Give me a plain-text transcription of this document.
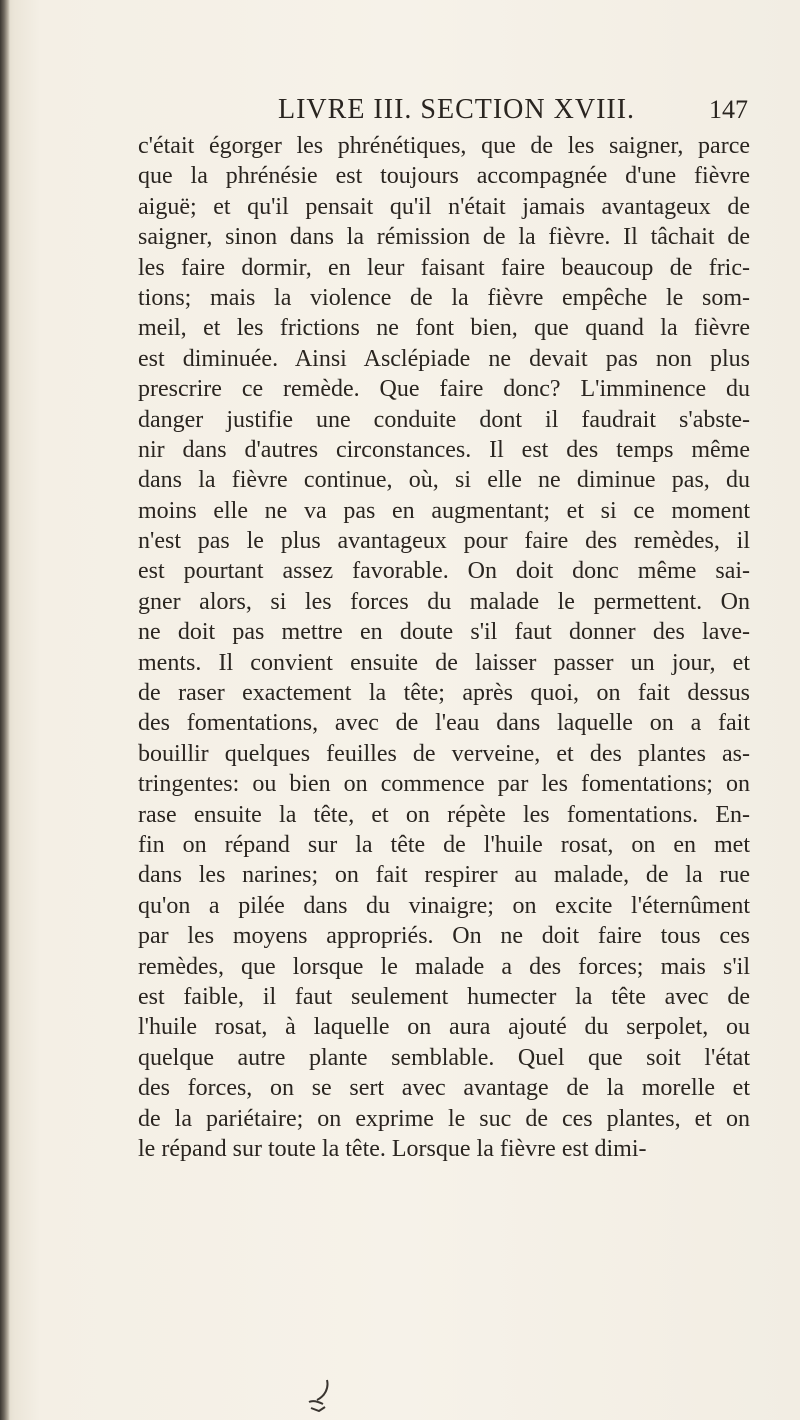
LIVRE III. SECTION XVIII.	147
c'était égorger les phrénétiques, que de les saigner, parce
que la phrénésie est toujours accompagnée d'une fièvre
aiguë; et qu'il pensait qu'il n'était jamais avantageux de
saigner, sinon dans la rémission de la fièvre. Il tâchait de
les faire dormir, en leur faisant faire beaucoup de fric-
tions; mais la violence de la fièvre empêche le som-
meil, et les frictions ne font bien, que quand la fièvre
est diminuée. Ainsi Asclépiade ne devait pas non plus
prescrire ce remède. Que faire donc? L'imminence du
danger justifie une conduite dont il faudrait s'abste-
nir dans d'autres circonstances. Il est des temps même
dans la fièvre continue, où, si elle ne diminue pas, du
moins elle ne va pas en augmentant; et si ce moment
n'est pas le plus avantageux pour faire des remèdes, il
est pourtant assez favorable. On doit donc même sai-
gner alors, si les forces du malade le permettent. On
ne doit pas mettre en doute s'il faut donner des lave-
ments. Il convient ensuite de laisser passer un jour, et
de raser exactement la tête; après quoi, on fait dessus
des fomentations, avec de l'eau dans laquelle on a fait
bouillir quelques feuilles de verveine, et des plantes as-
tringentes: ou bien on commence par les fomentations; on
rase ensuite la tête, et on répète les fomentations. En-
fin on répand sur la tête de l'huile rosat, on en met
dans les narines; on fait respirer au malade, de la rue
qu'on a pilée dans du vinaigre; on excite l'éternûment
par les moyens appropriés. On ne doit faire tous ces
remèdes, que lorsque le malade a des forces; mais s'il
est faible, il faut seulement humecter la tête avec de
l'huile rosat, à laquelle on aura ajouté du serpolet, ou
quelque autre plante semblable. Quel que soit l'état
des forces, on se sert avec avantage de la morelle et
de la pariétaire; on exprime le suc de ces plantes, et on
le répand sur toute la tête. Lorsque la fièvre est dimi-
